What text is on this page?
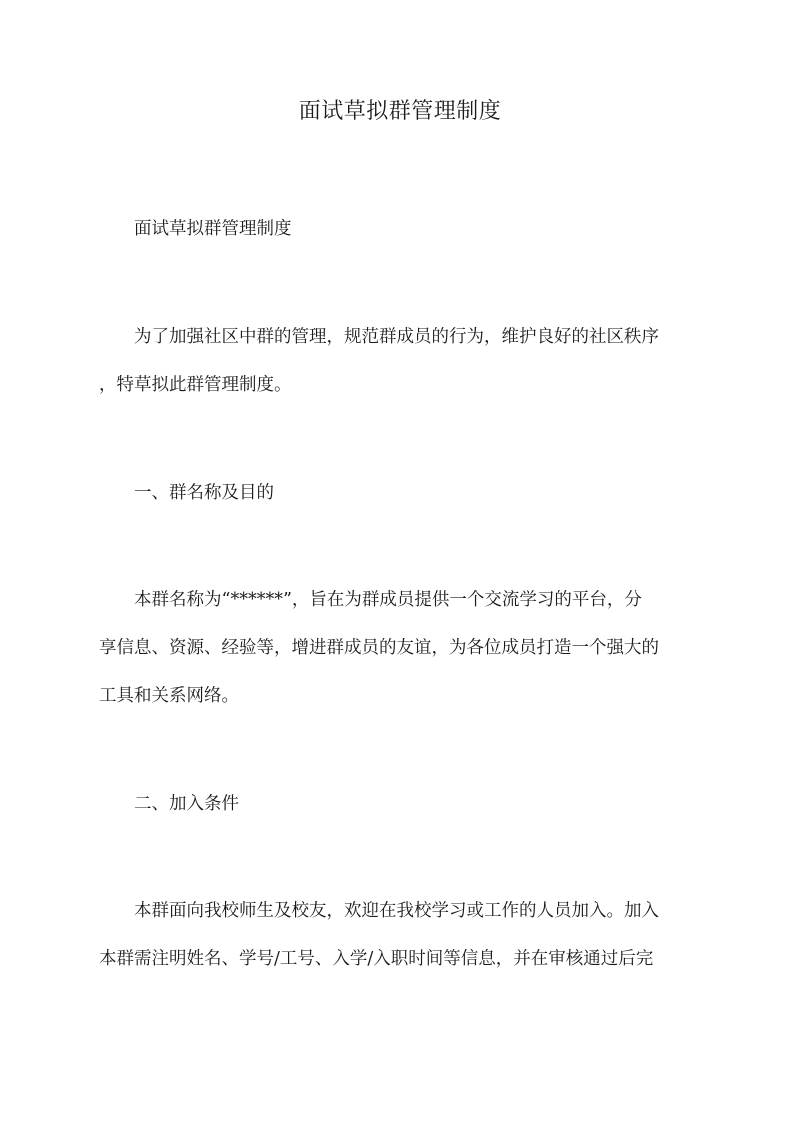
面试草拟群管理制度
面试草拟群管理制度
为了加强社区中群的管理，规范群成员的行为，维护良好的社区秩序
，特草拟此群管理制度。
一、群名称及目的
本群名称为“******”，旨在为群成员提供一个交流学习的平台，分
享信息、资源、经验等，增进群成员的友谊，为各位成员打造一个强大的
工具和关系网络。
二、加入条件
本群面向我校师生及校友，欢迎在我校学习或工作的人员加入。加入
本群需注明姓名、学号/工号、入学/入职时间等信息，并在审核通过后完
